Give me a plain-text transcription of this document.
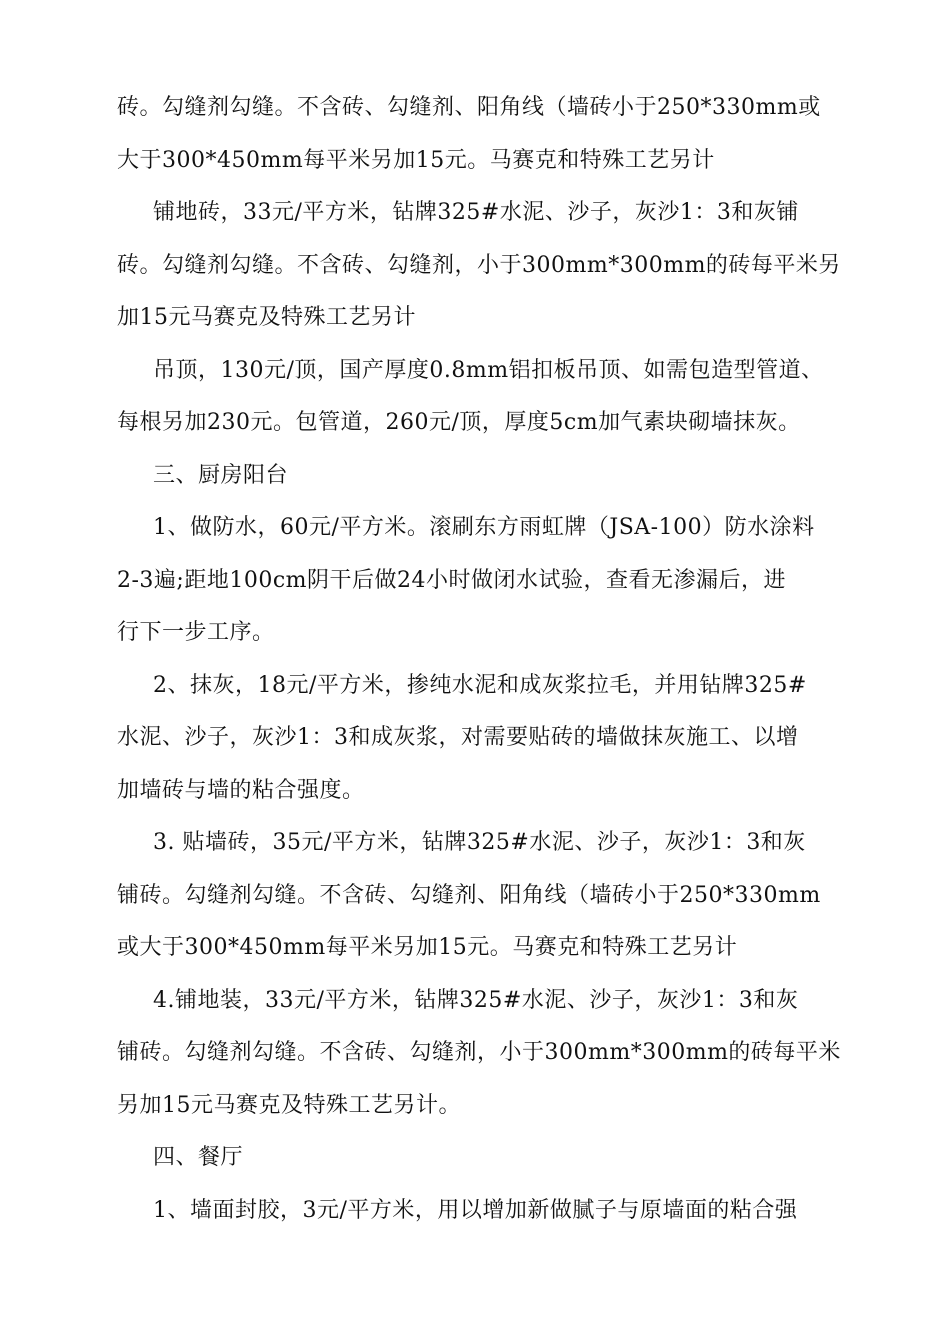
砖。勾缝剂勾缝。不含砖、勾缝剂、阳角线（墙砖小于250*330mm或
大于300*450mm每平米另加15元。马赛克和特殊工艺另计
铺地砖，33元/平方米，钻牌325#水泥、沙子，灰沙1：3和灰铺
砖。勾缝剂勾缝。不含砖、勾缝剂，小于300mm*300mm的砖每平米另
加15元马赛克及特殊工艺另计
吊顶，130元/顶，国产厚度0.8mm铝扣板吊顶、如需包造型管道、
每根另加230元。包管道，260元/顶，厚度5cm加气素块砌墙抹灰。
三、厨房阳台
1、做防水，60元/平方米。滚刷东方雨虹牌（JSA-100）防水涂料
2-3遍;距地100cm阴干后做24小时做闭水试验，查看无渗漏后，进
行下一步工序。
2、抹灰，18元/平方米，掺纯水泥和成灰浆拉毛，并用钻牌325#
水泥、沙子，灰沙1：3和成灰浆，对需要贴砖的墙做抹灰施工、以增
加墙砖与墙的粘合强度。
3. 贴墙砖，35元/平方米，钻牌325#水泥、沙子，灰沙1：3和灰
铺砖。勾缝剂勾缝。不含砖、勾缝剂、阳角线（墙砖小于250*330mm
或大于300*450mm每平米另加15元。马赛克和特殊工艺另计
4.铺地装，33元/平方米，钻牌325#水泥、沙子，灰沙1：3和灰
铺砖。勾缝剂勾缝。不含砖、勾缝剂，小于300mm*300mm的砖每平米
另加15元马赛克及特殊工艺另计。
四、餐厅
1、墙面封胶，3元/平方米，用以增加新做腻子与原墙面的粘合强
